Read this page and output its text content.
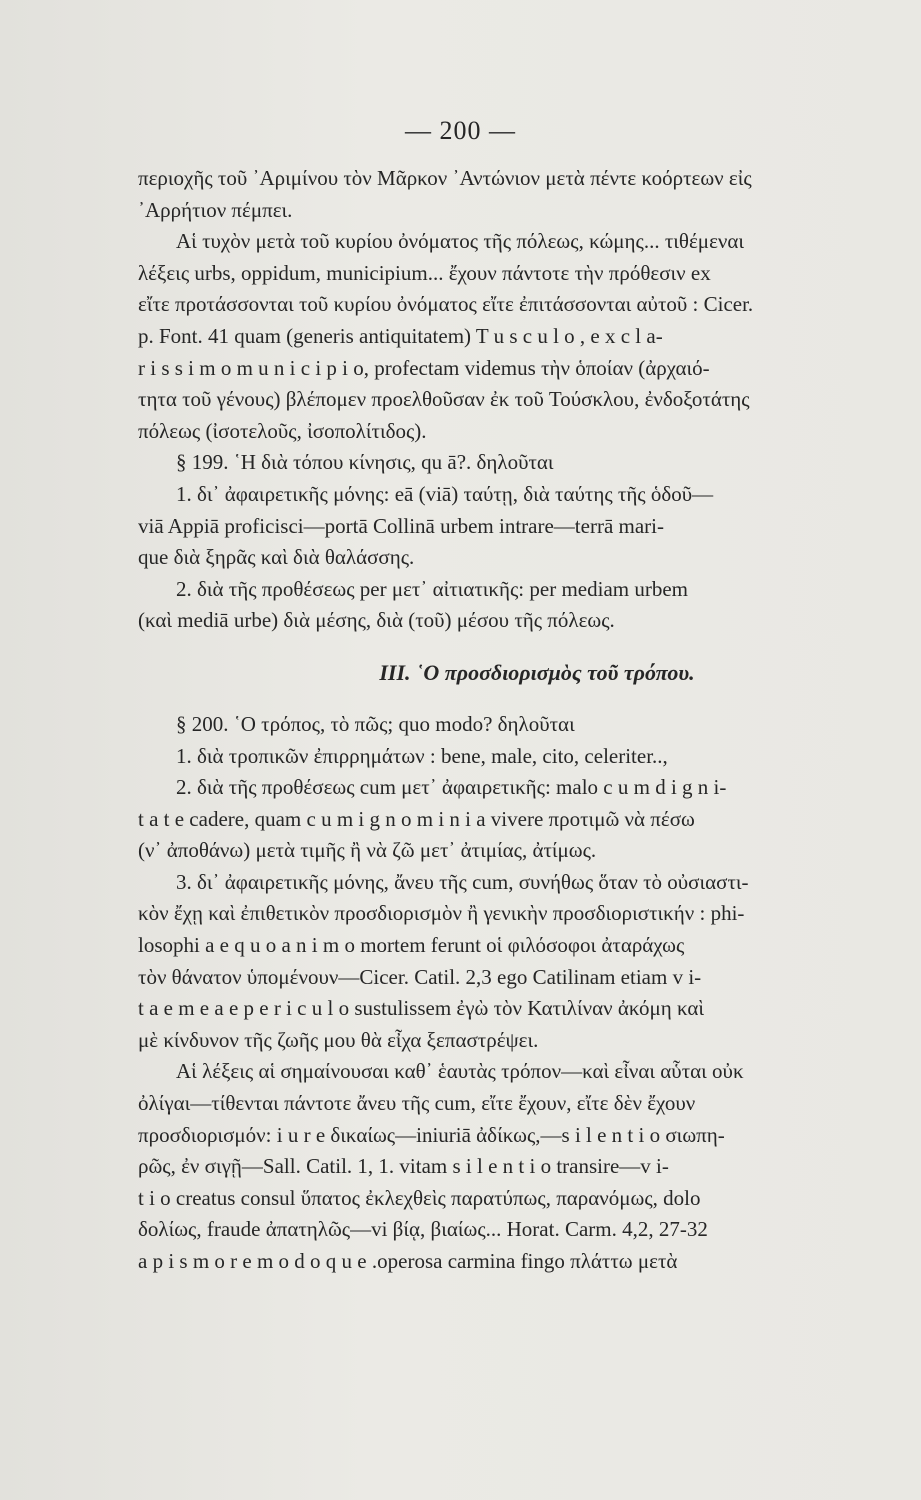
— 200 —
περιοχῆς τοῦ ᾿Αριμίνου τὸν Μᾶρκον ᾿Αντώνιον μετὰ πέντε κοόρτεων εἰς
᾿Αρρήτιον πέμπει.
Αἱ τυχὸν μετὰ τοῦ κυρίου ὀνόματος τῆς πόλεως, κώμης... τιθέμεναι
λέξεις urbs, oppidum, municipium... ἔχουν πάντοτε τὴν πρόθεσιν ex
εἴτε προτάσσονται τοῦ κυρίου ὀνόματος εἴτε ἐπιτάσσονται αὐτοῦ : Cicer.
p. Font. 41 quam (generis antiquitatem) T u s c u l o , e x c l a-
r i s s i m o m u n i c i p i o, profectam videmus τὴν ὁποίαν (ἀρχαιό-
τητα τοῦ γένους) βλέπομεν προελθοῦσαν ἐκ τοῦ Τούσκλου, ἐνδοξοτάτης
πόλεως (ἰσοτελοῦς, ἰσοπολίτιδος).
§ 199. ῾Η διὰ τόπου κίνησις, qu ā?. δηλοῦται
1. δι᾿ ἀφαιρετικῆς μόνης: eā (viā) ταύτῃ, διὰ ταύτης τῆς ὁδοῦ—
viā Appiā proficisci—portā Collinā urbem intrare—terrā mari-
que διὰ ξηρᾶς καὶ διὰ θαλάσσης.
2. διὰ τῆς προθέσεως per μετ᾿ αἰτιατικῆς: per mediam urbem
(καὶ mediā urbe) διὰ μέσης, διὰ (τοῦ) μέσου τῆς πόλεως.
III. ῾Ο προσδιορισμὸς τοῦ τρόπου.
§ 200. ῾Ο τρόπος, τὸ πῶς; quo modo? δηλοῦται
1. διὰ τροπικῶν ἐπιρρημάτων : bene, male, cito, celeriter..,
2. διὰ τῆς προθέσεως cum μετ᾿ ἀφαιρετικῆς: malo c u m d i g n i-
t a t e cadere, quam c u m i g n o m i n i a vivere προτιμῶ νὰ πέσω
(ν᾿ ἀποθάνω) μετὰ τιμῆς ἢ νὰ ζῶ μετ᾿ ἀτιμίας, ἀτίμως.
3. δι᾿ ἀφαιρετικῆς μόνης, ἄνευ τῆς cum, συνήθως ὅταν τὸ οὐσιαστι-
κὸν ἔχῃ καὶ ἐπιθετικὸν προσδιορισμὸν ἢ γενικὴν προσδιοριστικήν : phi-
losophi a e q u o a n i m o mortem ferunt οἱ φιλόσοφοι ἀταράχως
τὸν θάνατον ὑπομένουν—Cicer. Catil. 2,3 ego Catilinam etiam v i-
t a e m e a e p e r i c u l o sustulissem ἐγὼ τὸν Κατιλίναν ἀκόμη καὶ
μὲ κίνδυνον τῆς ζωῆς μου θὰ εἶχα ξεπαστρέψει.
Αἱ λέξεις αἱ σημαίνουσαι καθ᾿ ἑαυτὰς τρόπον—καὶ εἶναι αὗται οὐκ
ὀλίγαι—τίθενται πάντοτε ἄνευ τῆς cum, εἴτε ἔχουν, εἴτε δὲν ἔχουν
προσδιορισμόν: i u r e δικαίως—iniuriā ἀδίκως,—s i l e n t i o σιωπη-
ρῶς, ἐν σιγῇ—Sall. Catil. 1, 1. vitam s i l e n t i o transire—v i-
t i o creatus consul ὕπατος ἐκλεχθεὶς παρατύπως, παρανόμως, dolo
δολίως, fraude ἀπατηλῶς—vi βίᾳ, βιαίως... Horat. Carm. 4,2, 27-32
a p i s m o r e m o d o q u e .operosa carmina fingo πλάττω μετὰ
